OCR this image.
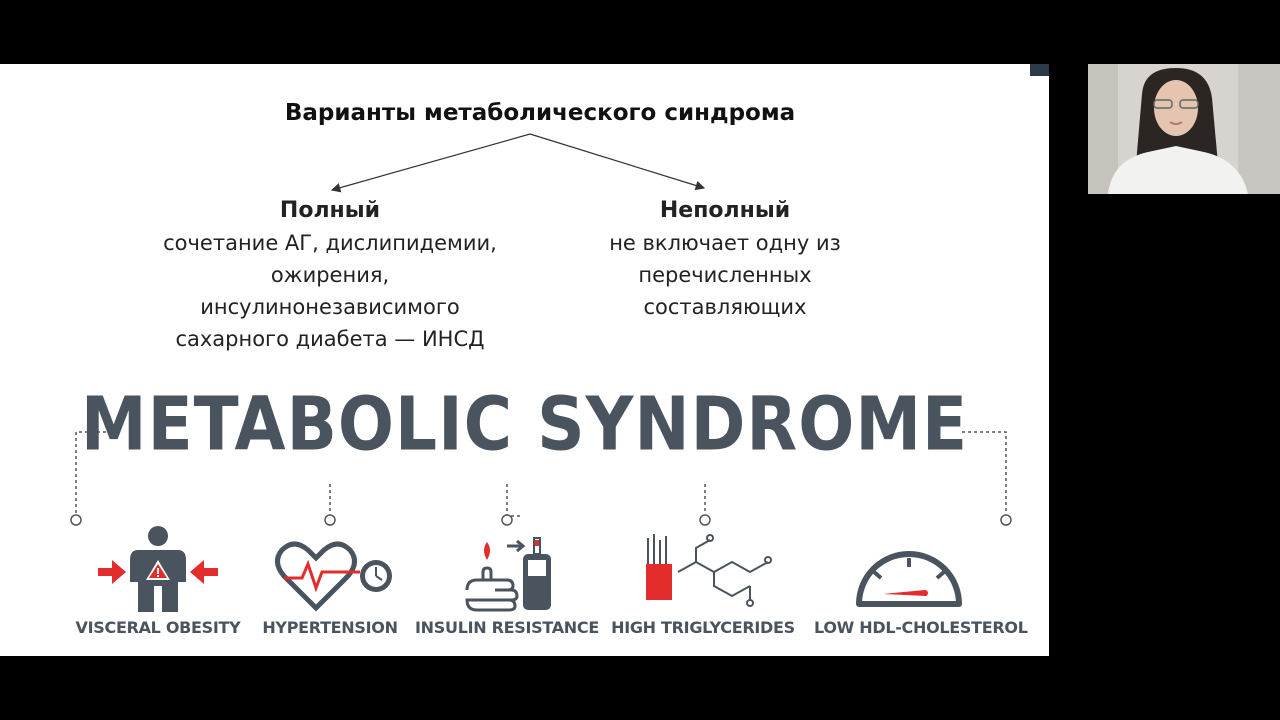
Варианты метаболического синдрома
Полный
сочетание АГ, дислипидемии,
ожирения,
инсулинонезависимого
сахарного диабета — ИНСД
Неполный
не включает одну из
перечисленных
составляющих
METABOLIC SYNDROME
VISCERAL OBESITY	HYPERTENSION	INSULIN RESISTANCE HIGH TRIGLYCERIDES LOW HDL-CHOLESTEROL
